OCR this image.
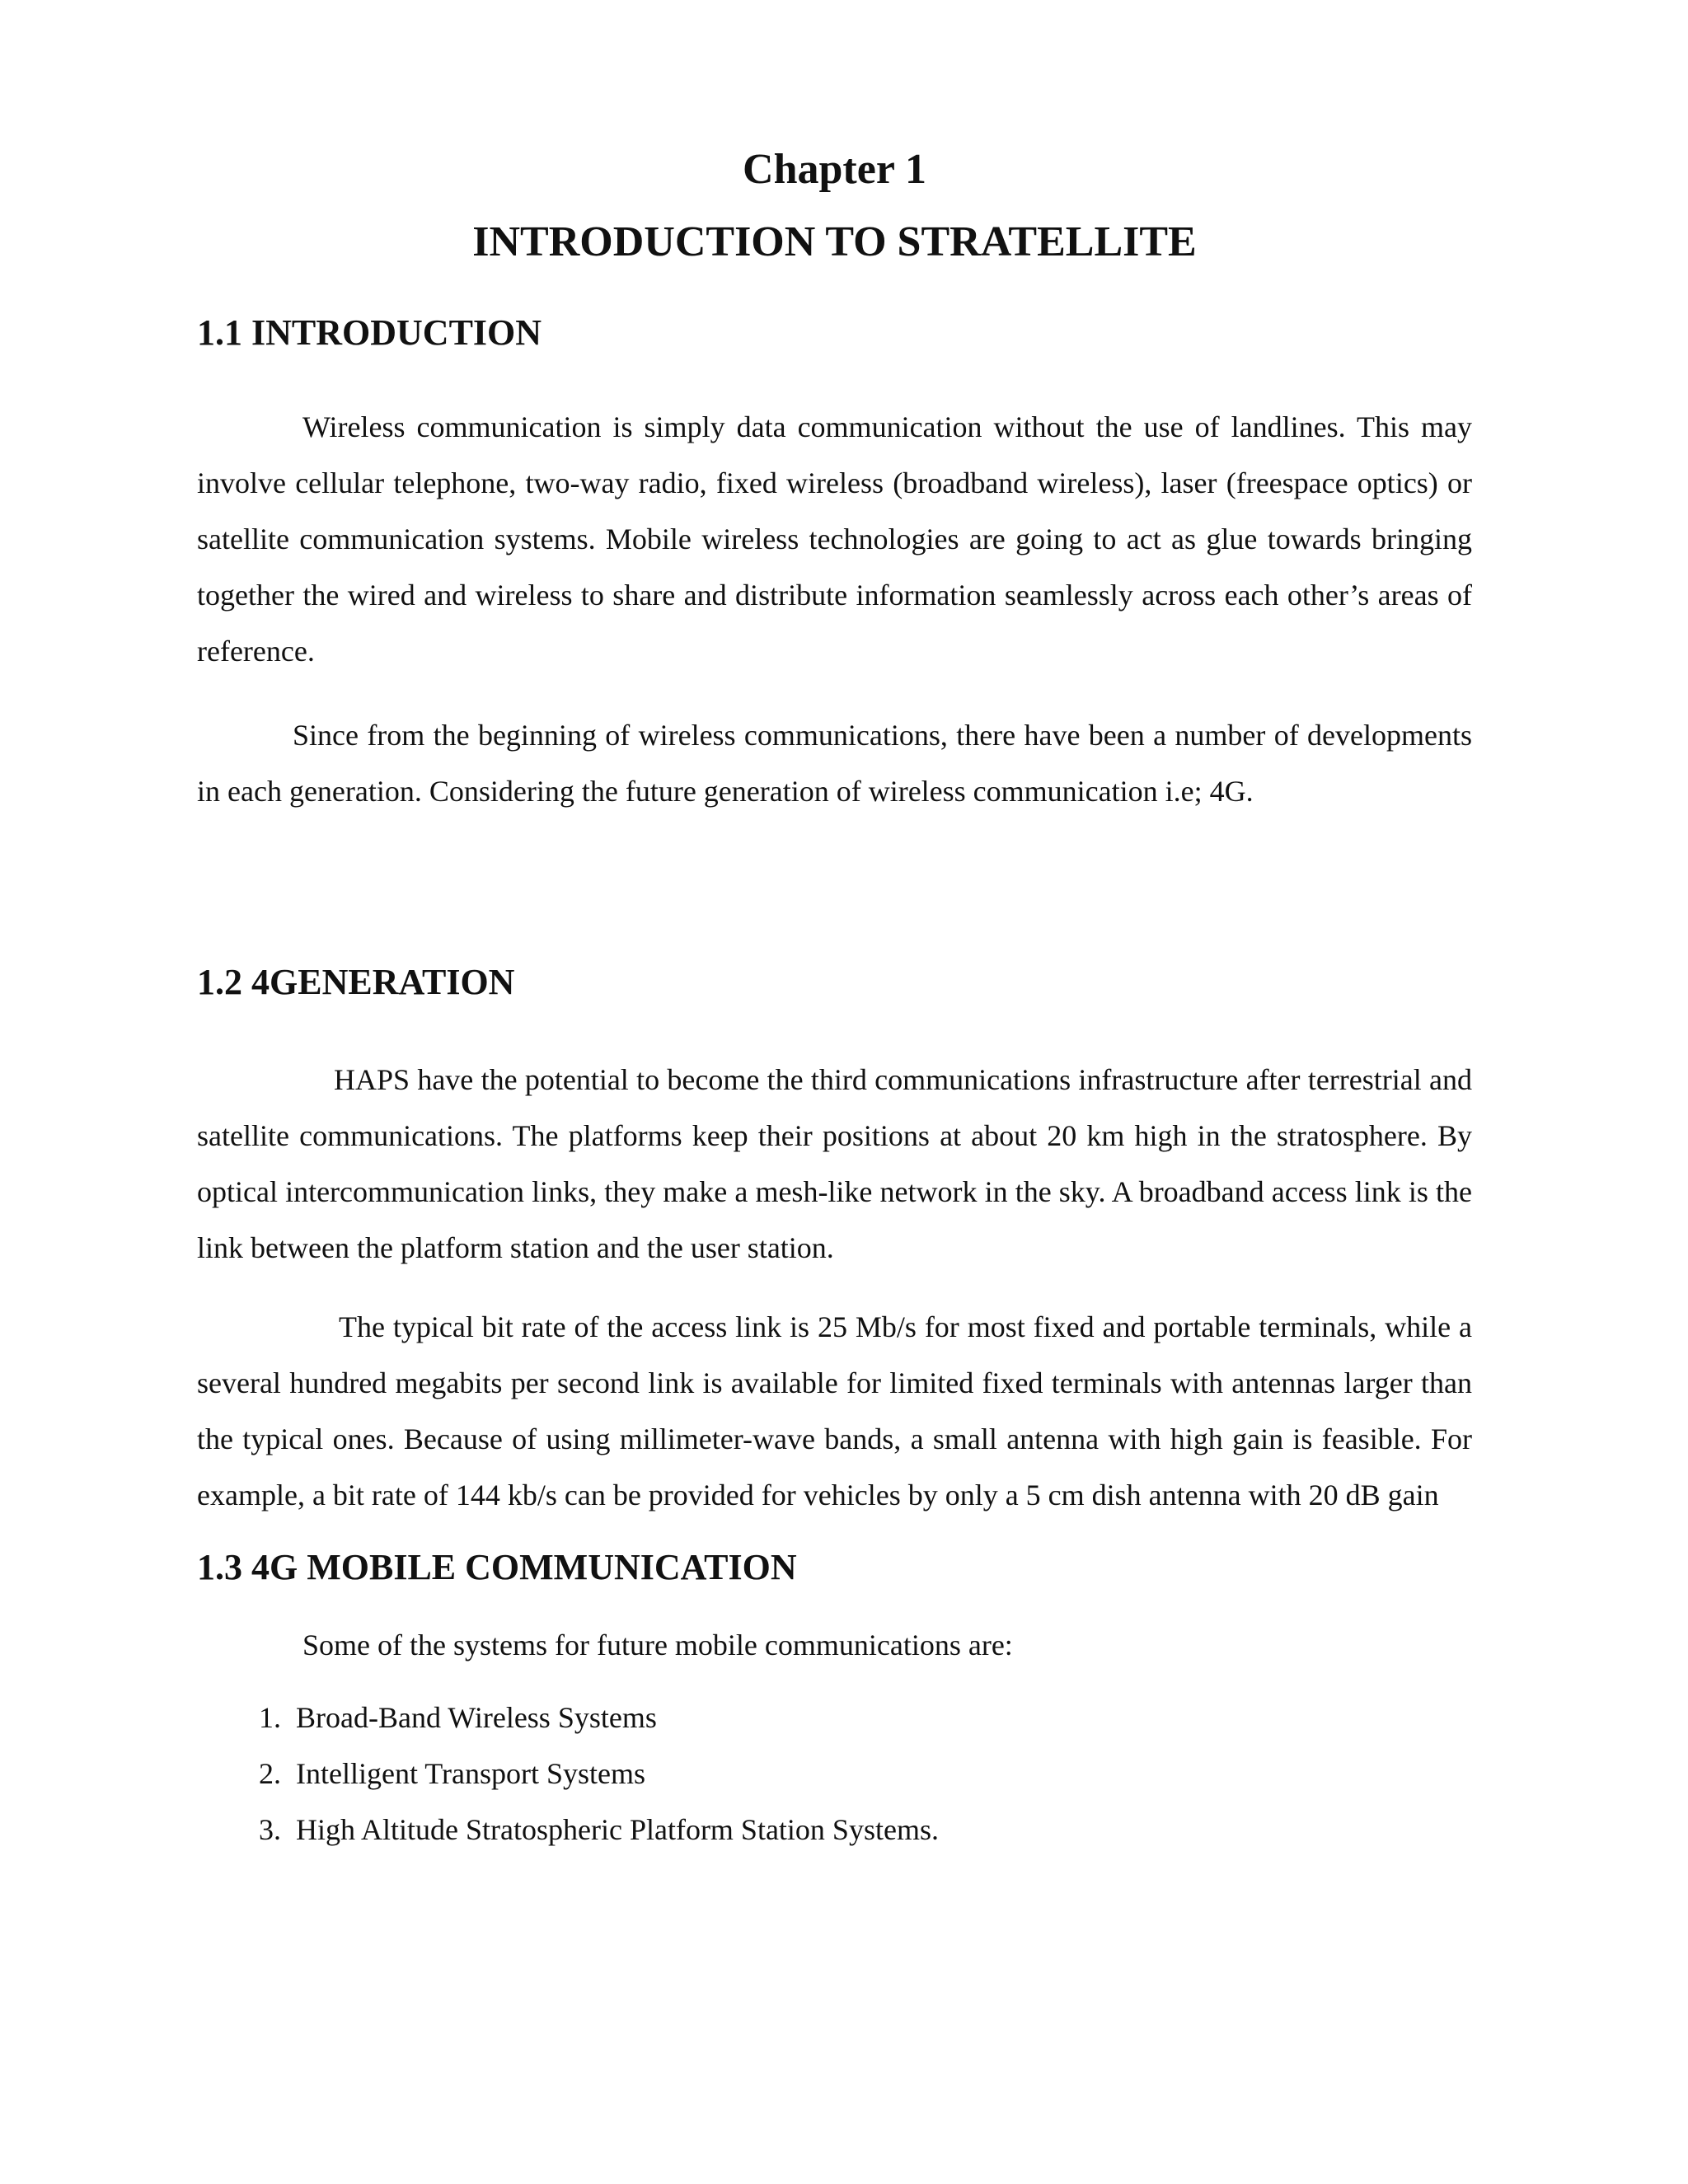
Chapter 1
INTRODUCTION TO STRATELLITE
1.1 INTRODUCTION

Wireless communication is simply data communication without the use of landlines. This may involve cellular telephone, two-way radio, fixed wireless (broadband wireless), laser (freespace optics) or satellite communication systems. Mobile wireless technologies are going to act as glue towards bringing together the wired and wireless to share and distribute information seamlessly across each other’s areas of reference.

Since from the beginning of wireless communications, there have been a number of developments in each generation. Considering the future generation of wireless communication i.e; 4G.

1.2 4GENERATION

HAPS have the potential to become the third communications infrastructure after terrestrial and satellite communications. The platforms keep their positions at about 20 km high in the stratosphere. By optical intercommunication links, they make a mesh-like network in the sky. A broadband access link is the link between the platform station and the user station.

The typical bit rate of the access link is 25 Mb/s for most fixed and portable terminals, while a several hundred megabits per second link is available for limited fixed terminals with antennas larger than the typical ones. Because of using millimeter-wave bands, a small antenna with high gain is feasible. For example, a bit rate of 144 kb/s can be provided for vehicles by only a 5 cm dish antenna with 20 dB gain

1.3 4G MOBILE COMMUNICATION

Some of the systems for future mobile communications are:

1. Broad-Band Wireless Systems
2. Intelligent Transport Systems
3. High Altitude Stratospheric Platform Station Systems.
